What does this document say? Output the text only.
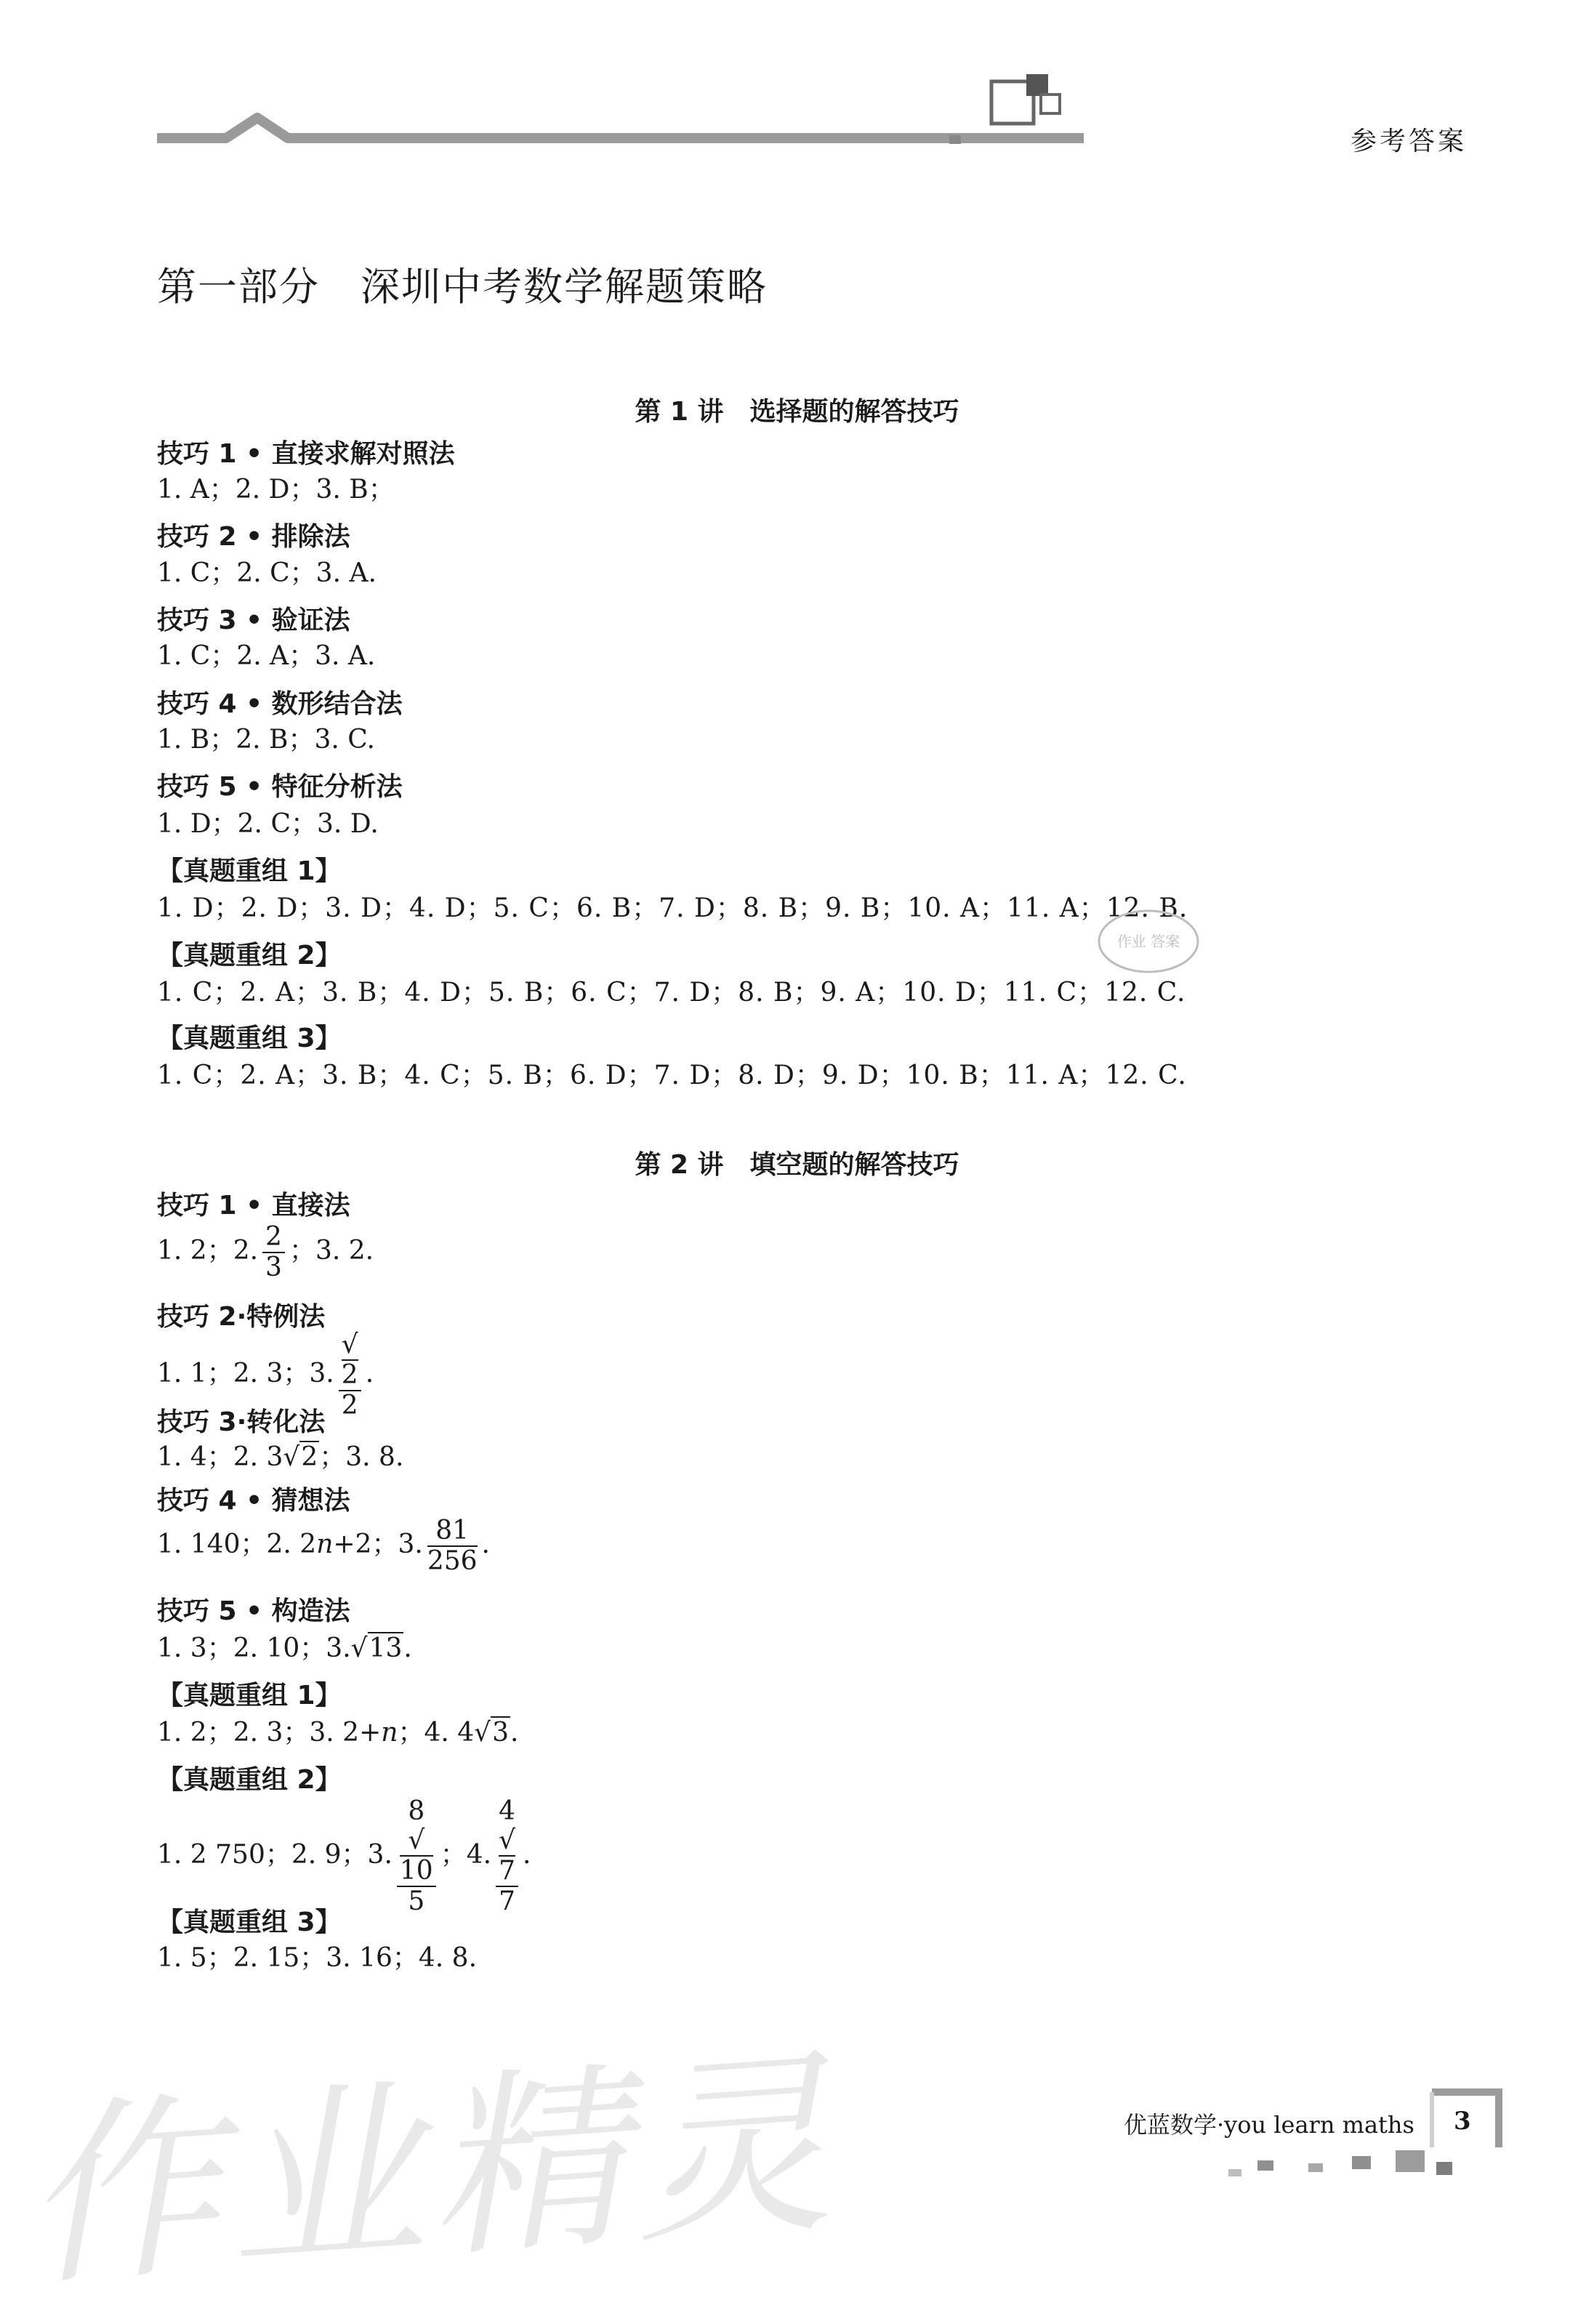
参考答案
第一部分　深圳中考数学解题策略
第 1 讲　选择题的解答技巧
技巧 1 • 直接求解对照法
1. A；2. D；3. B；
技巧 2 • 排除法
1. C；2. C；3. A.
技巧 3 • 验证法
1. C；2. A；3. A.
技巧 4 • 数形结合法
1. B；2. B；3. C.
技巧 5 • 特征分析法
1. D；2. C；3. D.
【真题重组 1】
1. D；2. D；3. D；4. D；5. C；6. B；7. D；8. B；9. B；10. A；11. A；12. B.
【真题重组 2】
1. C；2. A；3. B；4. D；5. B；6. C；7. D；8. B；9. A；10. D；11. C；12. C.
【真题重组 3】
1. C；2. A；3. B；4. C；5. B；6. D；7. D；8. D；9. D；10. B；11. A；12. C.
作业 答案
第 2 讲　填空题的解答技巧
技巧 1 • 直接法
1. 2；2. $\frac{2}{3}$ ；3. 2.
技巧 2·特例法
1. 1；2. 3；3. √
2
2 .
技巧 3·转化法
1. 4；2. 3√2；3. 8.
技巧 4 • 猜想法
1. 140；2. 2n+2；3. $\frac{81}{256}$ .
技巧 5 • 构造法
1. 3；2. 10；3.√13.
【真题重组 1】
1. 2；2. 3；3. 2+n；4. 4√3.
【真题重组 2】
1. 2 750；2. 9；3. 8
√
10
5 ；4. 4
√
7
7 .
【真题重组 3】
1. 5；2. 15；3. 16；4. 8.
作业精灵	优蓝数学·you learn maths 3
